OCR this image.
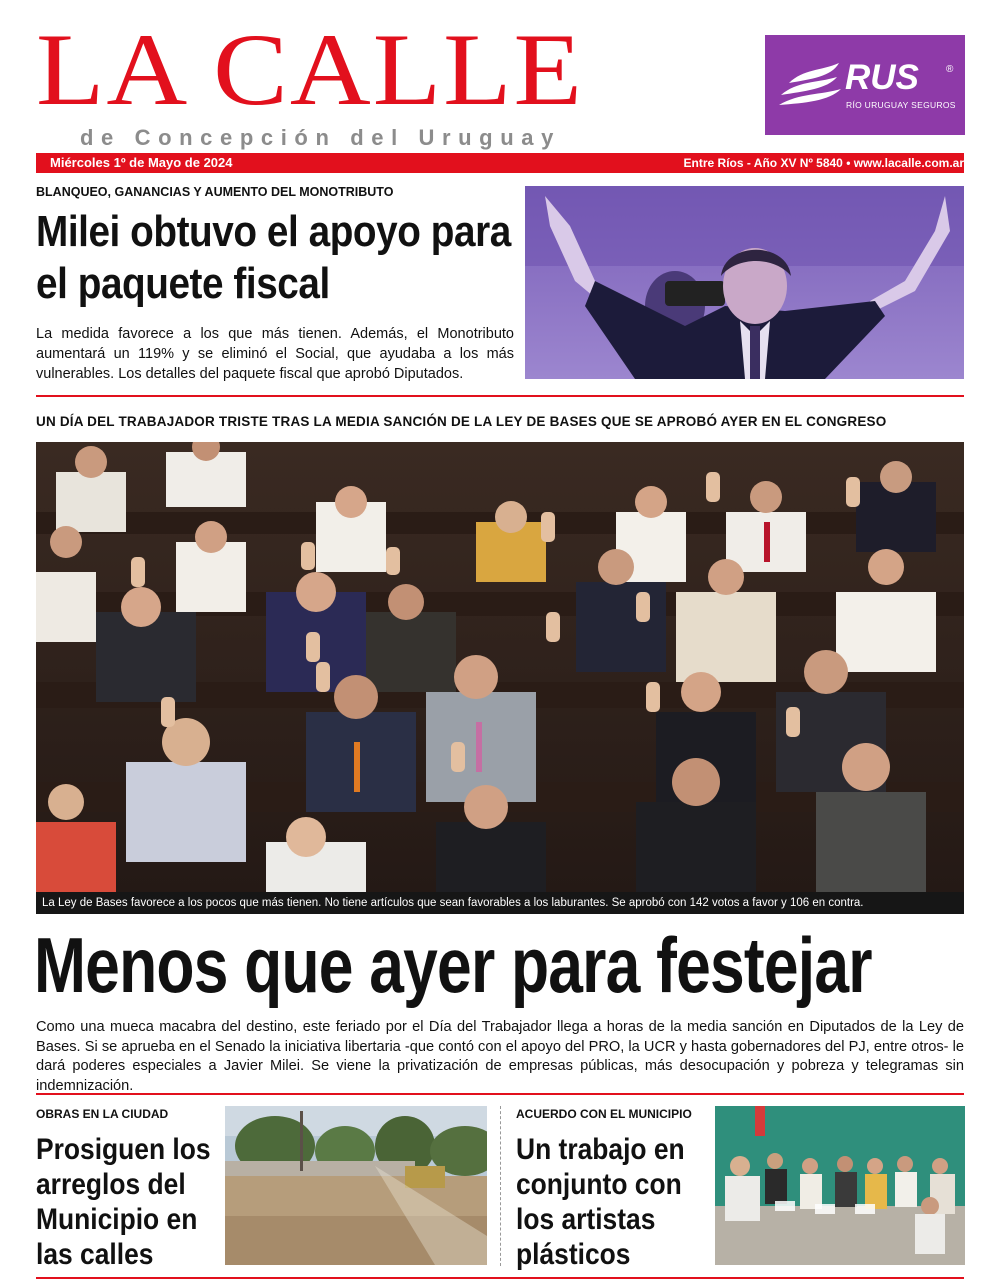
LA CALLE
de Concepción del Uruguay
RUS	®
RÍO URUGUAY SEGUROS
Miércoles 1º de Mayo de 2024	Entre Ríos - Año XV Nº 5840 • www.lacalle.com.ar
BLANQUEO, GANANCIAS Y AUMENTO DEL MONOTRIBUTO
Milei obtuvo el apoyo para el paquete fiscal
La medida favorece a los que más tienen. Además, el Monotributo aumentará un 119% y se eliminó el Social, que ayudaba a los más vulnerables. Los detalles del paquete fiscal que aprobó Diputados.
UN DÍA DEL TRABAJADOR TRISTE TRAS LA MEDIA SANCIÓN DE LA LEY DE BASES QUE SE APROBÓ AYER EN EL CONGRESO
La Ley de Bases favorece a los pocos que más tienen. No tiene artículos que sean favorables a los laburantes. Se aprobó con 142 votos a favor y 106 en contra.
Menos que ayer para festejar
Como una mueca macabra del destino, este feriado por el Día del Trabajador llega a horas de la media sanción en Diputados de la Ley de Bases. Si se aprueba en el Senado la iniciativa libertaria -que contó con el apoyo del PRO, la UCR y hasta gobernadores del PJ, entre otros- le dará poderes especiales a Javier Milei. Se viene la privatización de empresas públicas, más desocupación y pobreza y telegramas sin indemnización.
OBRAS EN LA CIUDAD
Prosiguen los arreglos del Municipio en las calles
ACUERDO CON EL MUNICIPIO
Un trabajo en conjunto con los artistas plásticos
